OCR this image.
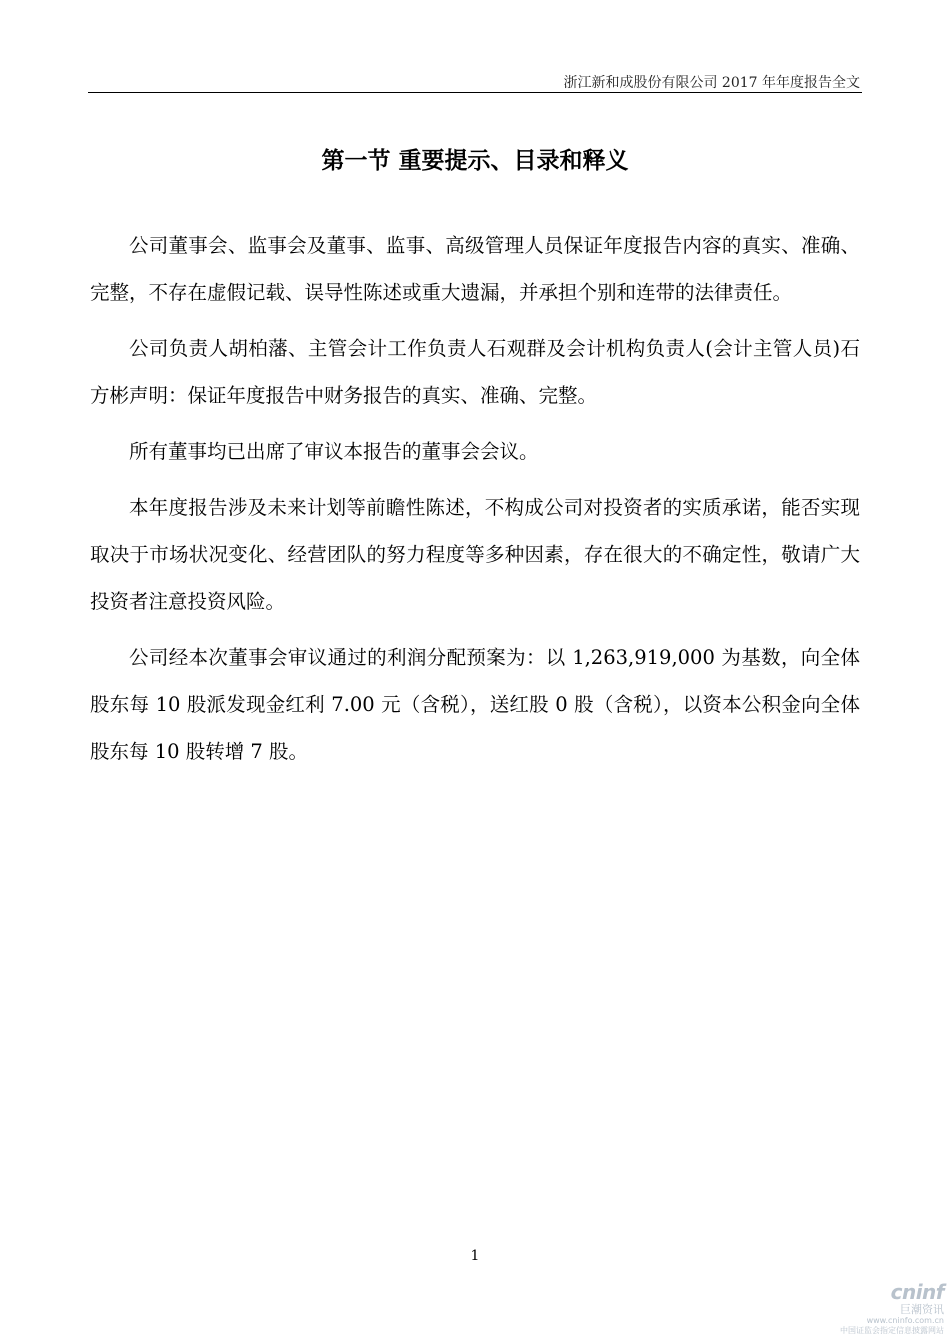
浙江新和成股份有限公司 2017 年年度报告全文
第一节 重要提示、目录和释义

公司董事会、监事会及董事、监事、高级管理人员保证年度报告内容的真实、准确、完整，不存在虚假记载、误导性陈述或重大遗漏，并承担个别和连带的法律责任。

公司负责人胡柏藩、主管会计工作负责人石观群及会计机构负责人(会计主管人员)石方彬声明：保证年度报告中财务报告的真实、准确、完整。

所有董事均已出席了审议本报告的董事会会议。

本年度报告涉及未来计划等前瞻性陈述，不构成公司对投资者的实质承诺，能否实现取决于市场状况变化、经营团队的努力程度等多种因素，存在很大的不确定性，敬请广大投资者注意投资风险。

公司经本次董事会审议通过的利润分配预案为：以 1,263,919,000 为基数，向全体股东每 10 股派发现金红利 7.00 元（含税），送红股 0 股（含税），以资本公积金向全体股东每 10 股转增 7 股。

1
cninf
巨潮资讯
www.cninfo.com.cn
中国证监会指定信息披露网站
